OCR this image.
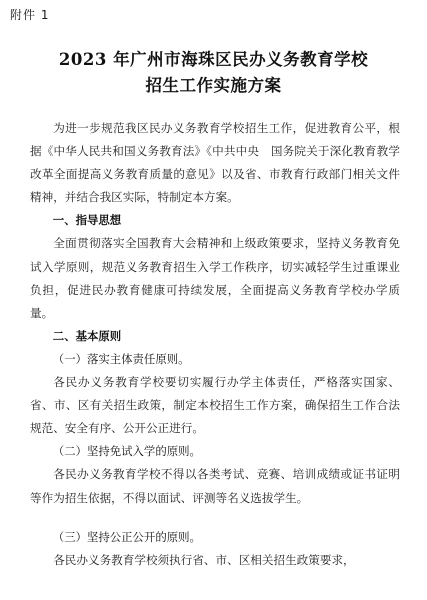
附件 1
2023 年广州市海珠区民办义务教育学校
招生工作实施方案

为进一步规范我区民办义务教育学校招生工作，促进教育公平，根据《中华人民共和国义务教育法》《中共中央　国务院关于深化教育教学改革全面提高义务教育质量的意见》以及省、市教育行政部门相关文件精神，并结合我区实际，特制定本方案。

一、指导思想

全面贯彻落实全国教育大会精神和上级政策要求，坚持义务教育免试入学原则，规范义务教育招生入学工作秩序，切实减轻学生过重课业负担，促进民办教育健康可持续发展，全面提高义务教育学校办学质量。

二、基本原则

（一）落实主体责任原则。

各民办义务教育学校要切实履行办学主体责任，严格落实国家、省、市、区有关招生政策，制定本校招生工作方案，确保招生工作合法规范、安全有序、公开公正进行。

（二）坚持免试入学的原则。

各民办义务教育学校不得以各类考试、竞赛、培训成绩或证书证明等作为招生依据，不得以面试、评测等名义选拔学生。

（三）坚持公正公开的原则。

各民办义务教育学校须执行省、市、区相关招生政策要求，
